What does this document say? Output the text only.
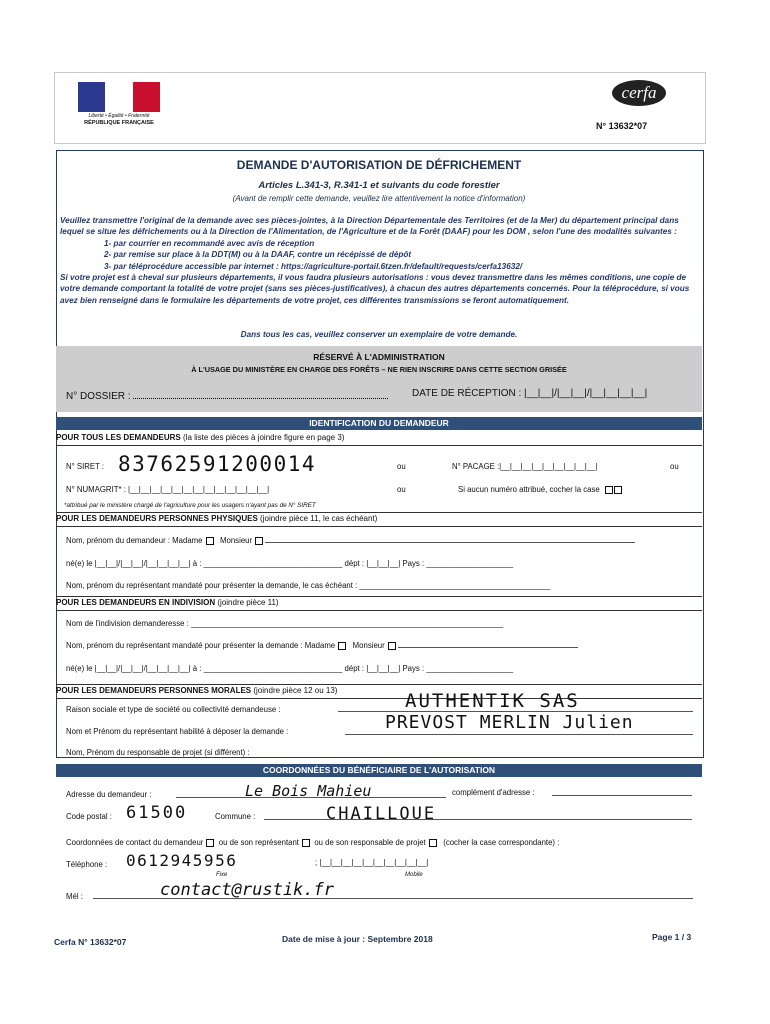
Liberté • Égalité • Fraternité
RÉPUBLIQUE FRANÇAISE
cerfa
N° 13632*07
DEMANDE D'AUTORISATION DE DÉFRICHEMENT
Articles L.341-3, R.341-1 et suivants du code forestier
(Avant de remplir cette demande, veuillez lire attentivement la notice d'information)
Veuillez transmettre l'original de la demande avec ses pièces-jointes, à la Direction Départementale des Territoires (et de la Mer) du département principal dans lequel se situe les défrichements ou à la Direction de l'Alimentation, de l'Agriculture et de la Forêt (DAAF) pour les DOM , selon l'une des modalités suivantes :
1- par courrier en recommandé avec avis de réception
2- par remise sur place à la DDT(M) ou à la DAAF, contre un récépissé de dépôt
3- par téléprocédure accessible par internet : https://agriculture-portail.6tzen.fr/default/requests/cerfa13632/
Si votre projet est à cheval sur plusieurs départements, il vous faudra plusieurs autorisations : vous devez transmettre dans les mêmes conditions, une copie de votre demande comportant la totalité de votre projet (sans ses pièces-justificatives), à chacun des autres départements concernés. Pour la téléprocédure, si vous avez bien renseigné dans le formulaire les départements de votre projet, ces différentes transmissions se feront automatiquement.
Dans tous les cas, veuillez conserver un exemplaire de votre demande.
RÉSERVÉ À L'ADMINISTRATION
À L'USAGE DU MINISTÈRE EN CHARGE DES FORÊTS – NE RIEN INSCRIRE DANS CETTE SECTION GRISÉE
N° DOSSIER :	DATE DE RÉCEPTION : |__|__|/|__|__|/|__|__|__|__|
IDENTIFICATION DU DEMANDEUR
POUR TOUS LES DEMANDEURS (la liste des pièces à joindre figure en page 3)
N° SIRET : 83762591200014	ou	N° PACAGE :|__|__|__|__|__|__|__|__|__|	ou
N° NUMAGRIT* : |__|__|__|__|__|__|__|__|__|__|__|__|__|	ou	Si aucun numéro attribué, cocher la case
*attribué par le ministère chargé de l'agriculture pour les usagers n'ayant pas de N° SIRET
POUR LES DEMANDEURS PERSONNES PHYSIQUES (joindre pièce 11, le cas échéant)
Nom, prénom du demandeur : Madame Monsieur
né(e) le |__|__|/|__|__|/|__|__|__|__| à : ________________________________ dépt : |__|__|__| Pays : ____________________
Nom, prénom du représentant mandaté pour présenter la demande, le cas échéant : ____________________________________________
POUR LES DEMANDEURS EN INDIVISION (joindre pièce 11)
Nom de l'indivision demanderesse : ________________________________________________________________________
Nom, prénom du représentant mandaté pour présenter la demande : Madame Monsieur
né(e) le |__|__|/|__|__|/|__|__|__|__| à : ________________________________ dépt : |__|__|__| Pays : ____________________
POUR LES DEMANDEURS PERSONNES MORALES (joindre pièce 12 ou 13)
Raison sociale et type de société ou collectivité demandeuse :	AUTHENTIK SAS
Nom et Prénom du représentant habilité à déposer la demande :	PREVOST MERLIN Julien
Nom, Prénom du responsable de projet (si différent) :
COORDONNÉES DU BÉNÉFICIAIRE DE L'AUTORISATION
Adresse du demandeur :	Le Bois Mahieu	complément d'adresse :
Code postal : 61500	Commune :	CHAILLOUE
Coordonnées de contact du demandeur ou de son représentant ou de son responsable de projet (cocher la case correspondante) :
Téléphone : 0612945956	; |__|__|__|__|__|__|__|__|__|__|
Fixe	Mobile
Mél :	contact@rustik.fr
Cerfa N° 13632*07	Date de mise à jour : Septembre 2018	Page 1 / 3
